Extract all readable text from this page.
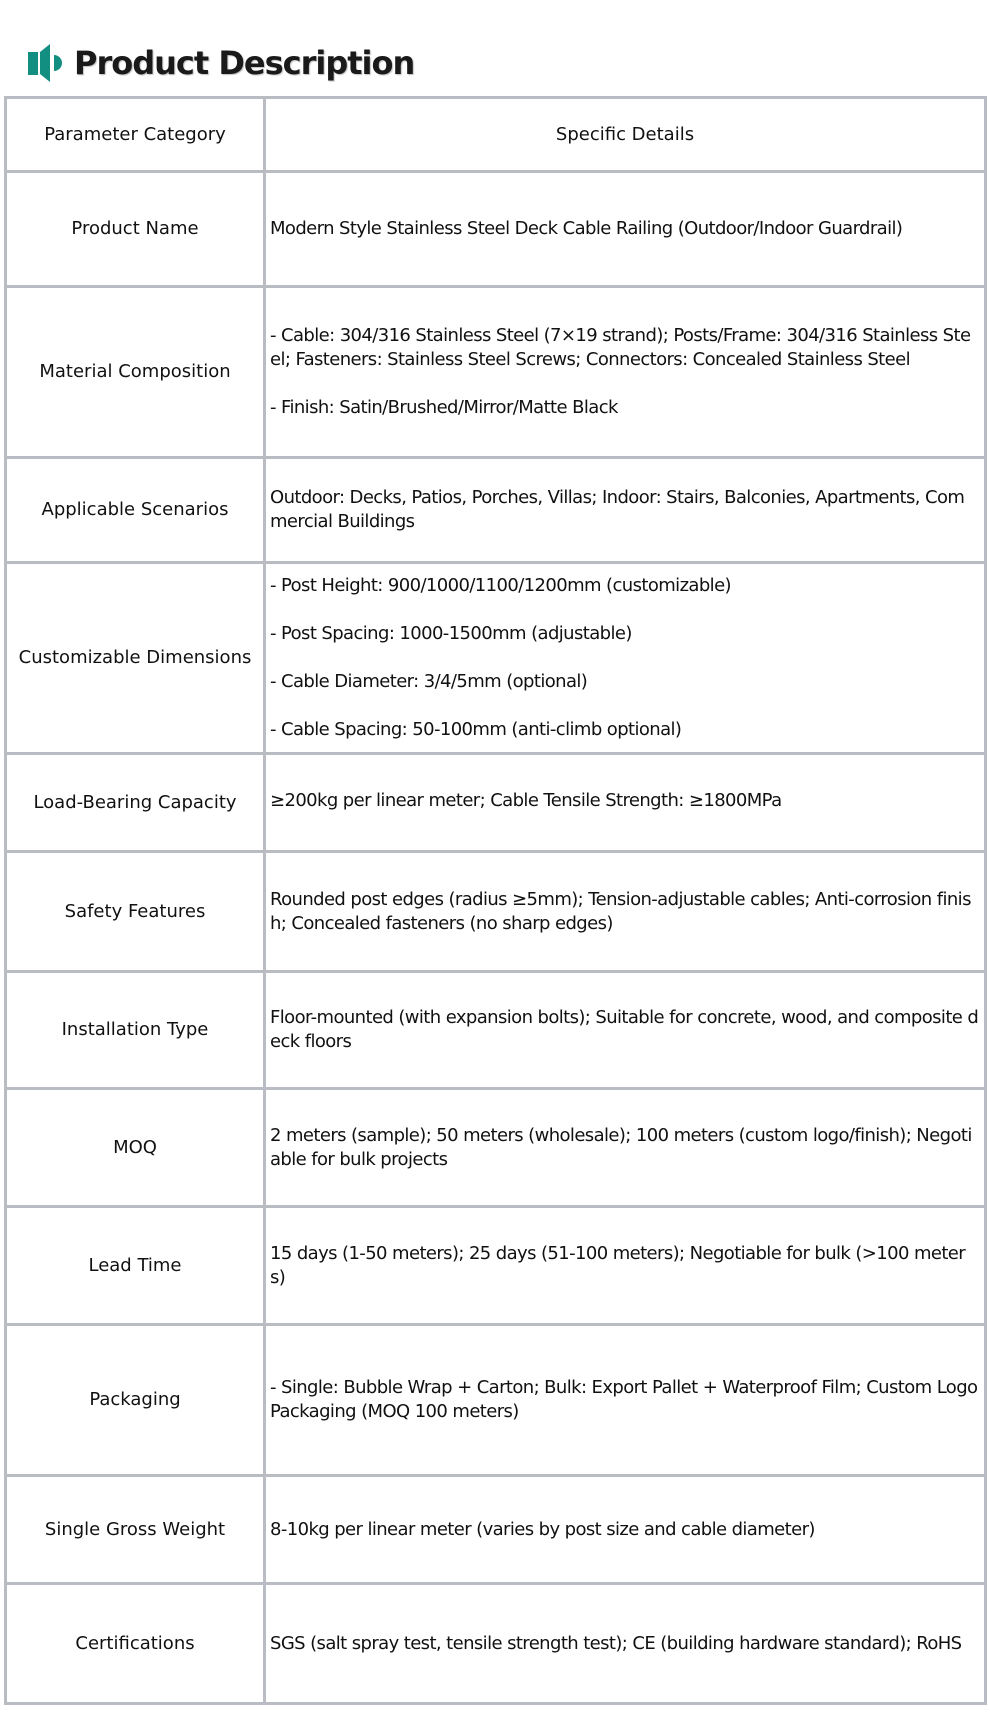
Product Description
Parameter Category	Specific Details
Product Name	Modern Style Stainless Steel Deck Cable Railing (Outdoor/Indoor Guardrail)

Material Composition	- Cable: 304/316 Stainless Steel (7×19 strand); Posts/Frame: 304/316 Stainless Steel; Fasteners: Stainless Steel Screws; Connectors: Concealed Stainless Steel

- Finish: Satin/Brushed/Mirror/Matte Black

Applicable Scenarios	Outdoor: Decks, Patios, Porches, Villas; Indoor: Stairs, Balconies, Apartments, Commercial Buildings

Customizable Dimensions	- Post Height: 900/1000/1100/1200mm (customizable)

- Post Spacing: 1000-1500mm (adjustable)

- Cable Diameter: 3/4/5mm (optional)

- Cable Spacing: 50-100mm (anti-climb optional)

Load-Bearing Capacity	≥200kg per linear meter; Cable Tensile Strength: ≥1800MPa

Safety Features	Rounded post edges (radius ≥5mm); Tension-adjustable cables; Anti-corrosion finish; Concealed fasteners (no sharp edges)

Installation Type	Floor-mounted (with expansion bolts); Suitable for concrete, wood, and composite deck floors

MOQ	2 meters (sample); 50 meters (wholesale); 100 meters (custom logo/finish); Negotiable for bulk projects

Lead Time	15 days (1-50 meters); 25 days (51-100 meters); Negotiable for bulk (>100 meters)

Packaging	- Single: Bubble Wrap + Carton; Bulk: Export Pallet + Waterproof Film; Custom Logo Packaging (MOQ 100 meters)

Single Gross Weight	8-10kg per linear meter (varies by post size and cable diameter)

Certifications	SGS (salt spray test, tensile strength test); CE (building hardware standard); RoHS
